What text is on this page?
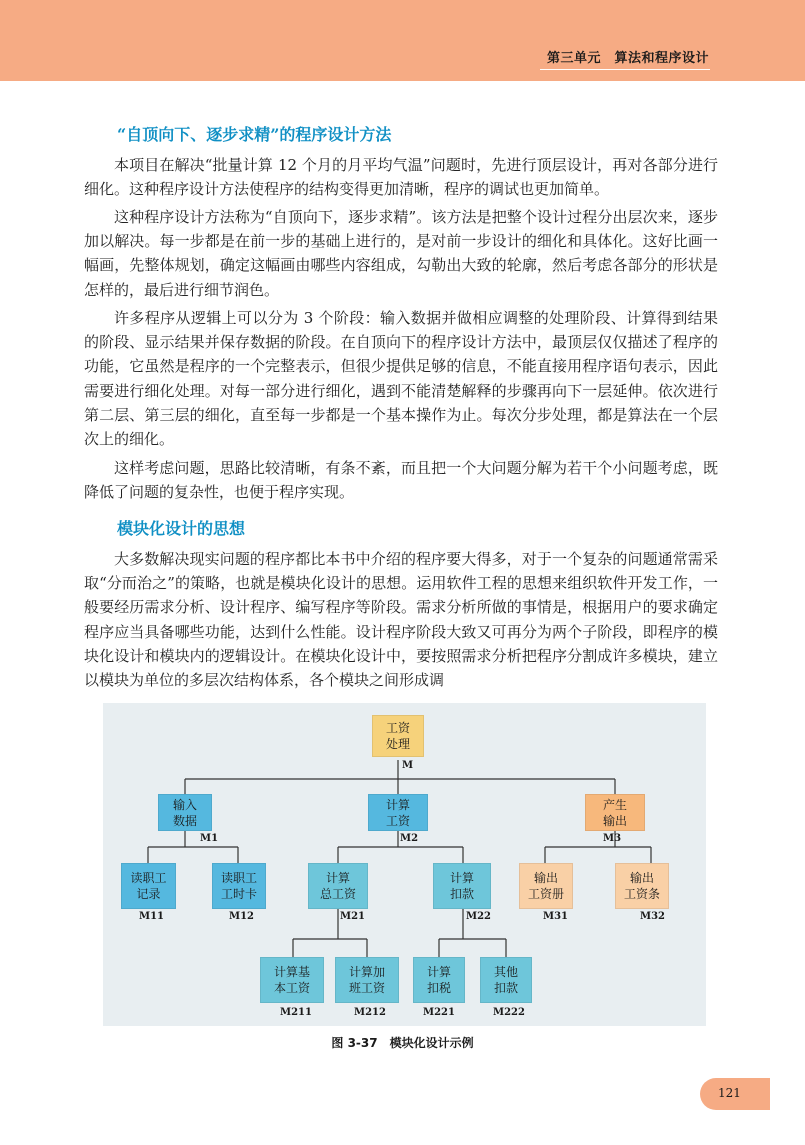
第三单元　算法和程序设计
“自顶向下、逐步求精”的程序设计方法
本项目在解决“批量计算 12 个月的月平均气温”问题时，先进行顶层设计，再对各部分进行细化。这种程序设计方法使程序的结构变得更加清晰，程序的调试也更加简单。
这种程序设计方法称为“自顶向下，逐步求精”。该方法是把整个设计过程分出层次来，逐步加以解决。每一步都是在前一步的基础上进行的，是对前一步设计的细化和具体化。这好比画一幅画，先整体规划，确定这幅画由哪些内容组成，勾勒出大致的轮廓，然后考虑各部分的形状是怎样的，最后进行细节润色。
许多程序从逻辑上可以分为 3 个阶段：输入数据并做相应调整的处理阶段、计算得到结果的阶段、显示结果并保存数据的阶段。在自顶向下的程序设计方法中，最顶层仅仅描述了程序的功能，它虽然是程序的一个完整表示，但很少提供足够的信息，不能直接用程序语句表示，因此需要进行细化处理。对每一部分进行细化，遇到不能清楚解释的步骤再向下一层延伸。依次进行第二层、第三层的细化，直至每一步都是一个基本操作为止。每次分步处理，都是算法在一个层次上的细化。
这样考虑问题，思路比较清晰，有条不紊，而且把一个大问题分解为若干个小问题考虑，既降低了问题的复杂性，也便于程序实现。
模块化设计的思想
大多数解决现实问题的程序都比本书中介绍的程序要大得多，对于一个复杂的问题通常需采取“分而治之”的策略，也就是模块化设计的思想。运用软件工程的思想来组织软件开发工作，一般要经历需求分析、设计程序、编写程序等阶段。需求分析所做的事情是，根据用户的要求确定程序应当具备哪些功能，达到什么性能。设计程序阶段大致又可再分为两个子阶段，即程序的模块化设计和模块内的逻辑设计。在模块化设计中，要按照需求分析把程序分割成许多模块，建立以模块为单位的多层次结构体系，各个模块之间形成调
工资
处理
M
输入
数据
M1
计算
工资
M2
产生
输出
M3
读职工
记录
M11
读职工
工时卡
M12
计算
总工资
M21
计算
扣款
M22
输出
工资册
M31
输出
工资条
M32
计算基
本工资
M211
计算加
班工资
M212
计算
扣税
M221
其他
扣款
M222
图 3-37　模块化设计示例
121
